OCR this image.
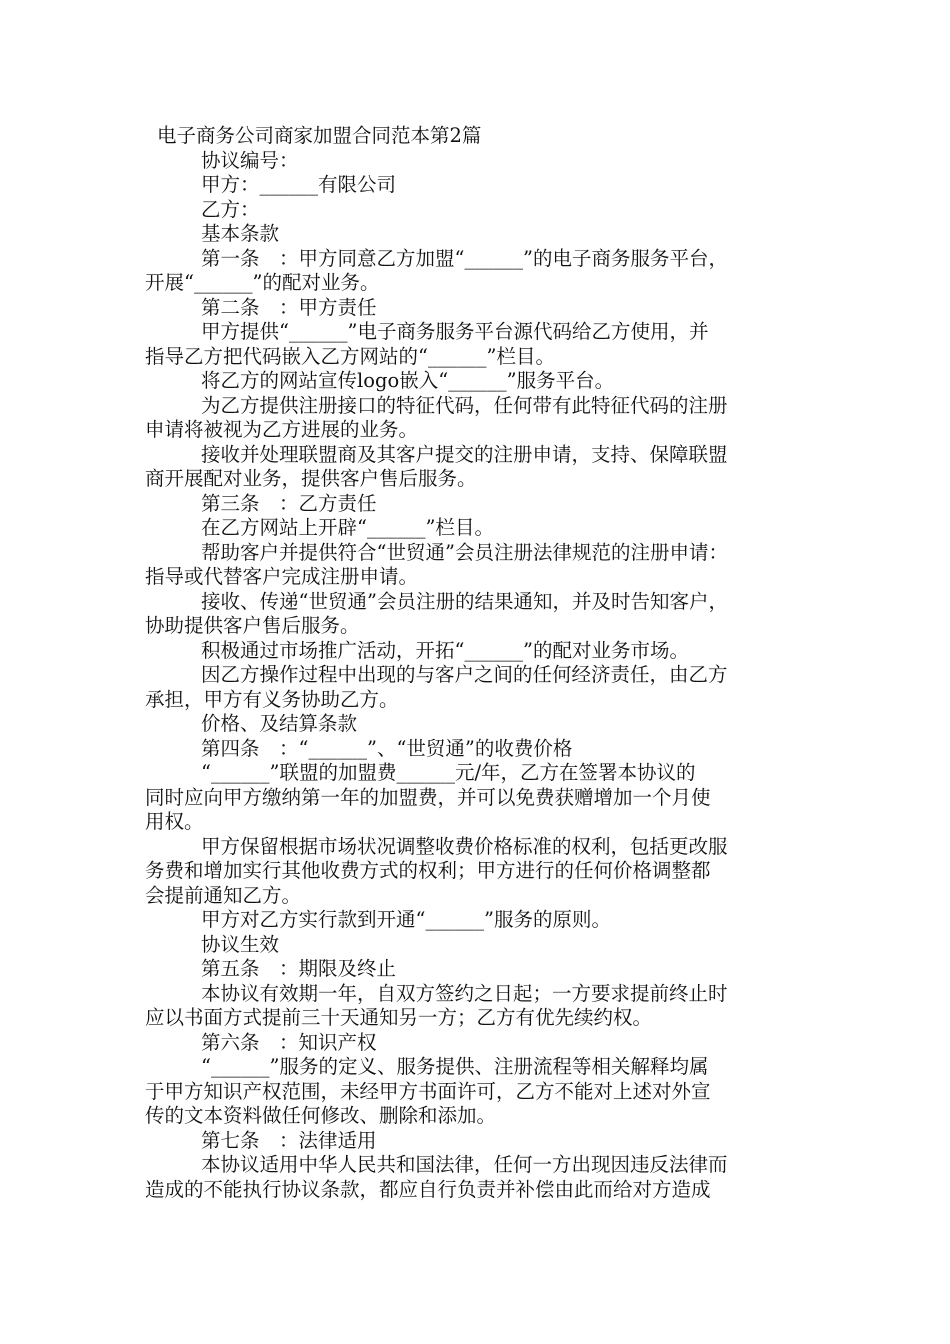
电子商务公司商家加盟合同范本第2篇
协议编号：
甲方：______有限公司
乙方：
基本条款
第一条　：甲方同意乙方加盟“______”的电子商务服务平台，
开展“______”的配对业务。
第二条　：甲方责任
甲方提供“______”电子商务服务平台源代码给乙方使用，并
指导乙方把代码嵌入乙方网站的“______”栏目。
将乙方的网站宣传logo嵌入“______”服务平台。
为乙方提供注册接口的特征代码，任何带有此特征代码的注册
申请将被视为乙方进展的业务。
接收并处理联盟商及其客户提交的注册申请，支持、保障联盟
商开展配对业务，提供客户售后服务。
第三条　：乙方责任
在乙方网站上开辟“______”栏目。
帮助客户并提供符合“世贸通”会员注册法律规范的注册申请：
指导或代替客户完成注册申请。
接收、传递“世贸通”会员注册的结果通知，并及时告知客户，
协助提供客户售后服务。
积极通过市场推广活动，开拓“______”的配对业务市场。
因乙方操作过程中出现的与客户之间的任何经济责任，由乙方
承担，甲方有义务协助乙方。
价格、及结算条款
第四条　：“______”、“世贸通”的收费价格
“______”联盟的加盟费______元/年，乙方在签署本协议的
同时应向甲方缴纳第一年的加盟费，并可以免费获赠增加一个月使
用权。
甲方保留根据市场状况调整收费价格标准的权利，包括更改服
务费和增加实行其他收费方式的权利；甲方进行的任何价格调整都
会提前通知乙方。
甲方对乙方实行款到开通“______”服务的原则。
协议生效
第五条　：期限及终止
本协议有效期一年，自双方签约之日起；一方要求提前终止时
应以书面方式提前三十天通知另一方；乙方有优先续约权。
第六条　：知识产权
“______”服务的定义、服务提供、注册流程等相关解释均属
于甲方知识产权范围，未经甲方书面许可，乙方不能对上述对外宣
传的文本资料做任何修改、删除和添加。
第七条　：法律适用
本协议适用中华人民共和国法律，任何一方出现因违反法律而
造成的不能执行协议条款，都应自行负责并补偿由此而给对方造成
